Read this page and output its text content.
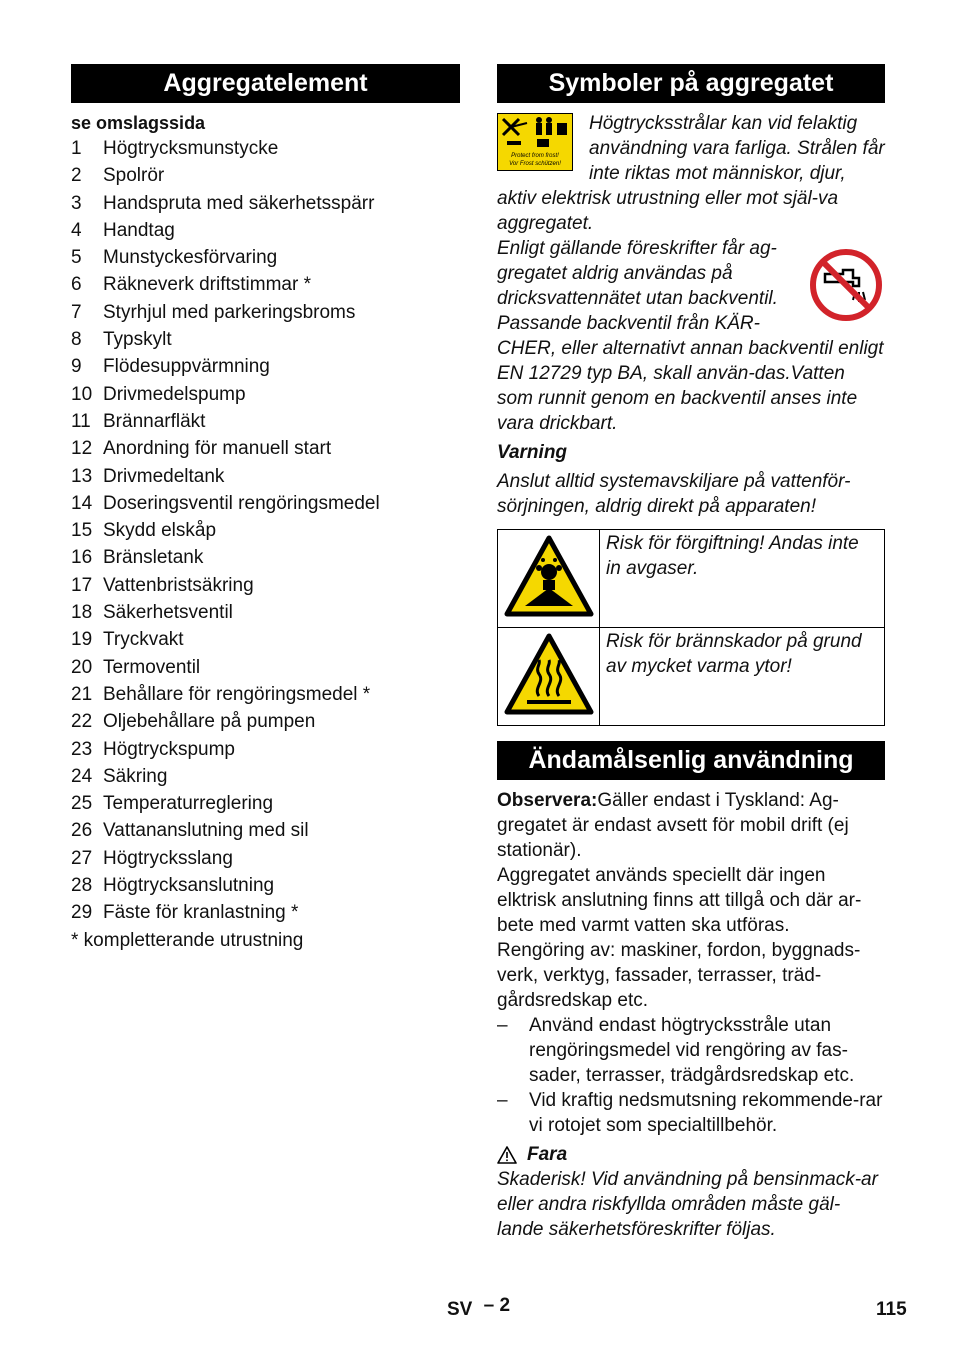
Aggregatelement
se omslagssida
1	Högtrycksmunstycke
2	Spolrör
3	Handspruta med säkerhetsspärr
4	Handtag
5	Munstyckesförvaring
6	Räkneverk driftstimmar *
7	Styrhjul med parkeringsbroms
8	Typskylt
9	Flödesuppvärmning
10 Drivmedelspump
11 Brännarfläkt
12 Anordning för manuell start
13 Drivmedeltank
14 Doseringsventil rengöringsmedel
15 Skydd elskåp
16 Bränsletank
17 Vattenbristsäkring
18 Säkerhetsventil
19 Tryckvakt
20 Termoventil
21 Behållare för rengöringsmedel *
22 Oljebehållare på pumpen
23 Högtryckspump
24 Säkring
25 Temperaturreglering
26 Vattananslutning med sil
27 Högtrycksslang
28 Högtrycksanslutning
29 Fäste för kranlastning *
* kompletterande utrustning
Symboler på aggregatet
Protect from frost!
Vor Frost schützen!

Högtrycksstrålar kan vid felaktig användning vara farliga. Strålen får inte riktas mot människor, djur, aktiv elektrisk utrustning eller mot själ-va aggregatet.

Enligt gällande föreskrifter får ag-gregatet aldrig användas på dricksvattennätet utan backventil. Passande backventil från KÄR-CHER, eller alternativt annan backventil enligt EN 12729 typ BA, skall använ-das.Vatten som runnit genom en backventil anses inte vara drickbart.

Varning

Anslut alltid systemavskiljare på vattenför-sörjningen, aldrig direkt på apparaten!

	Risk för förgiftning! Andas inte in avgaser.
	Risk för brännskador på grund av mycket varma ytor!
Ändamålsenlig användning

Observera:Gäller endast i Tyskland: Ag-gregatet är endast avsett för mobil drift (ej stationär).

Aggregatet används speciellt där ingen elktrisk anslutning finns att tillgå och där ar-bete med varmt vatten ska utföras.

Rengöring av: maskiner, fordon, byggnads-verk, verktyg, fassader, terrasser, träd-gårdsredskap etc.

–	Använd endast högtrycksstråle utan rengöringsmedel vid rengöring av fas-sader, terrasser, trädgårdsredskap etc.
–	Vid kraftig nedsmutsning rekommende-rar vi rotojet som specialtillbehör.
Fara

Skaderisk! Vid användning på bensinmack-ar eller andra riskfyllda områden måste gäl-lande säkerhetsföreskrifter följas.

SV – 2	115
